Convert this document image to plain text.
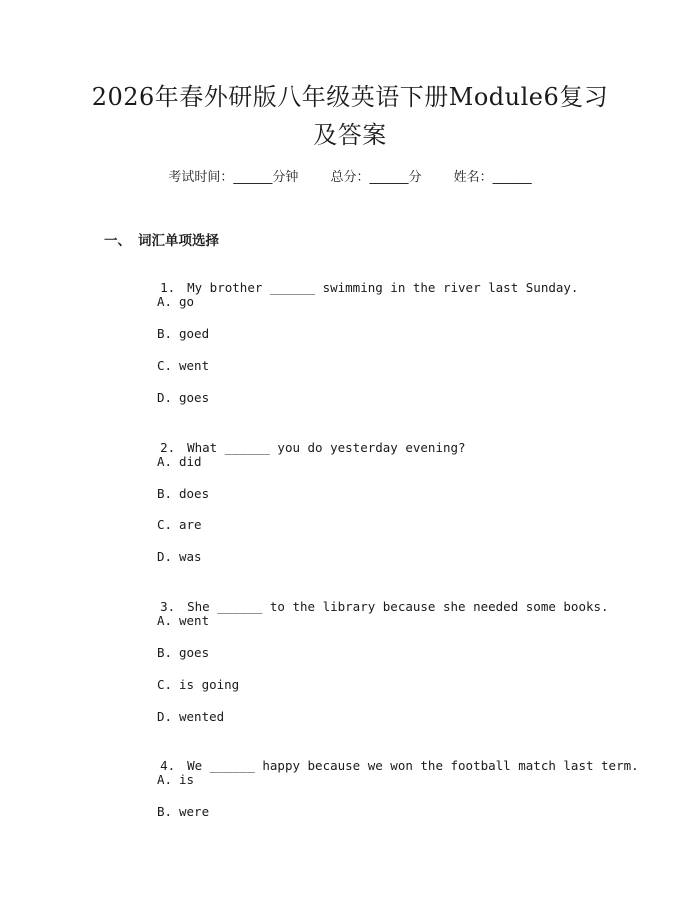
2026年春外研版八年级英语下册Module6复习及答案
考试时间：______分钟 总分：______分 姓名：______
一、 词汇单项选择

1. My brother ______ swimming in the river last Sunday.

A. go
B. goed
C. went
D. goes

2. What ______ you do yesterday evening?

A. did
B. does
C. are
D. was

3. She ______ to the library because she needed some books.

A. went
B. goes
C. is going
D. wented

4. We ______ happy because we won the football match last term.

A. is
B. were
